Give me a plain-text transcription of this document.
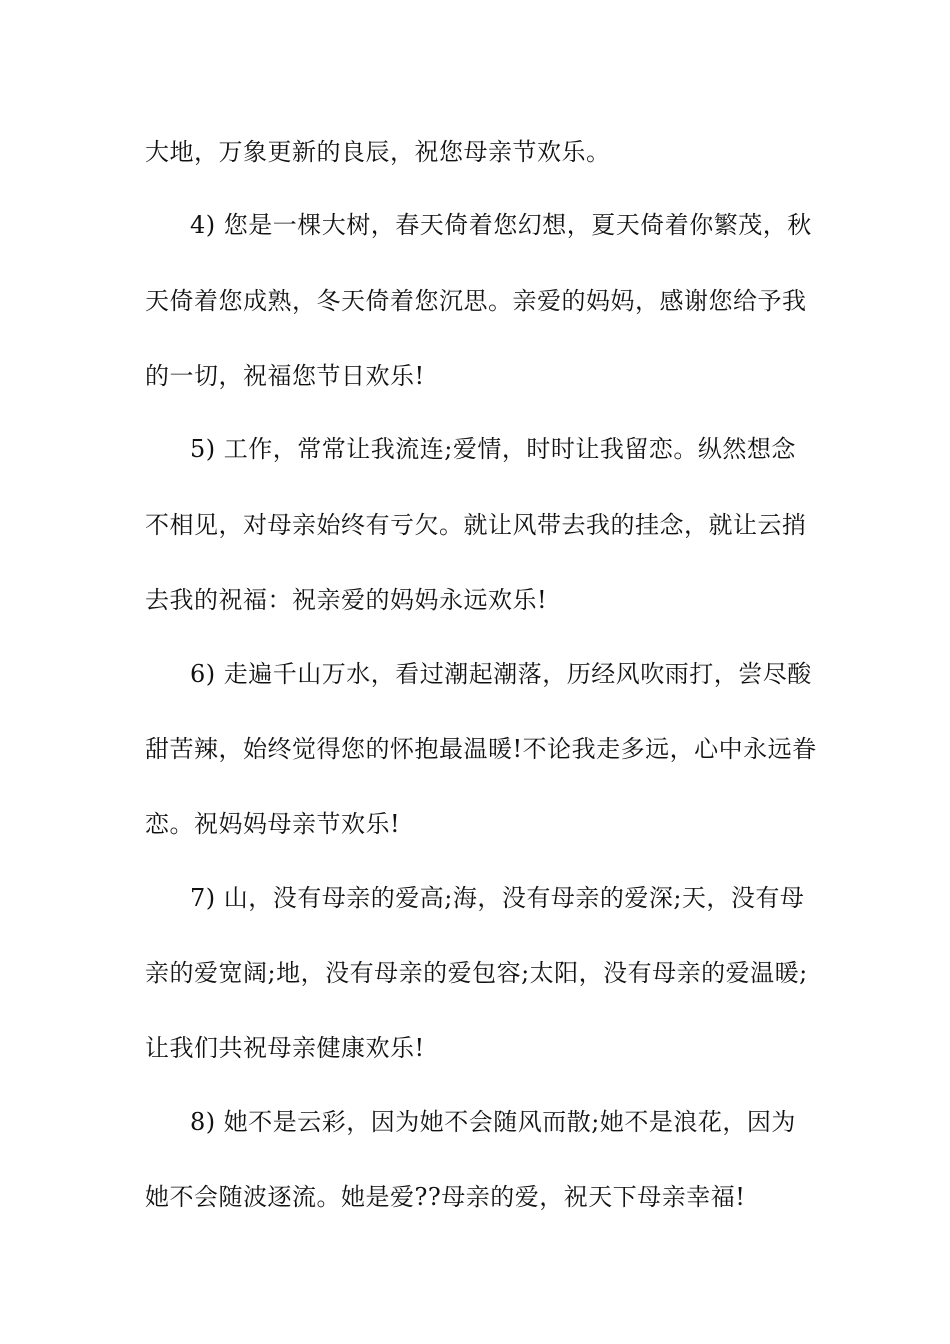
大地，万象更新的良辰，祝您母亲节欢乐。
4) 您是一棵大树，春天倚着您幻想，夏天倚着你繁茂，秋
天倚着您成熟，冬天倚着您沉思。亲爱的妈妈，感谢您给予我
的一切，祝福您节日欢乐!
5) 工作，常常让我流连;爱情，时时让我留恋。纵然想念
不相见，对母亲始终有亏欠。就让风带去我的挂念，就让云捎
去我的祝福：祝亲爱的妈妈永远欢乐!
6) 走遍千山万水，看过潮起潮落，历经风吹雨打，尝尽酸
甜苦辣，始终觉得您的怀抱最温暖!不论我走多远，心中永远眷
恋。祝妈妈母亲节欢乐!
7) 山，没有母亲的爱高;海，没有母亲的爱深;天，没有母
亲的爱宽阔;地，没有母亲的爱包容;太阳，没有母亲的爱温暖;
让我们共祝母亲健康欢乐!
8) 她不是云彩，因为她不会随风而散;她不是浪花，因为
她不会随波逐流。她是爱??母亲的爱，祝天下母亲幸福!
